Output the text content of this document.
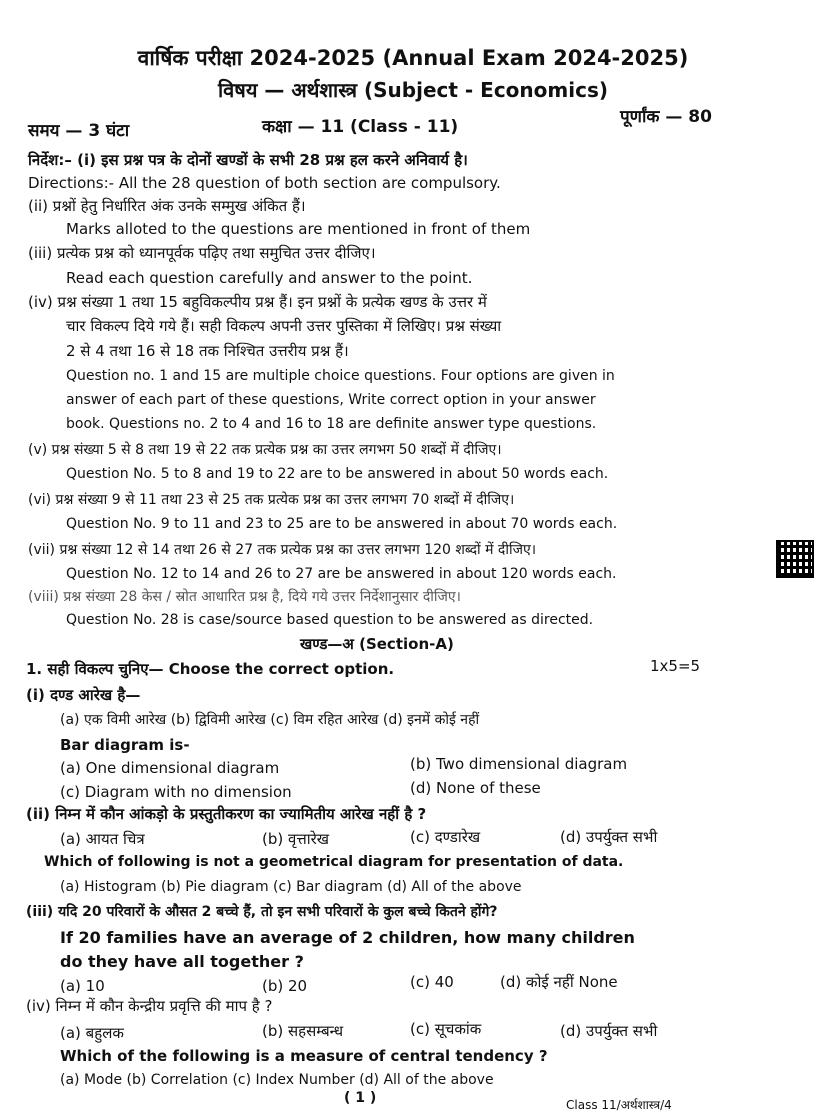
वार्षिक परीक्षा 2024-2025 (Annual Exam 2024-2025)
विषय — अर्थशास्त्र (Subject - Economics)
समय — 3 घंटा	कक्षा — 11 (Class - 11)	पूर्णांक — 80
निर्देश:– (i) इस प्रश्न पत्र के दोनों खण्डों के सभी 28 प्रश्न हल करने अनिवार्य है।
Directions:- All the 28 question of both section are compulsory.
(ii) प्रश्नों हेतु निर्धारित अंक उनके सम्मुख अंकित हैं।
Marks alloted to the questions are mentioned in front of them
(iii) प्रत्येक प्रश्न को ध्यानपूर्वक पढ़िए तथा समुचित उत्तर दीजिए।
Read each question carefully and answer to the point.
(iv) प्रश्न संख्या 1 तथा 15 बहुविकल्पीय प्रश्न हैं। इन प्रश्नों के प्रत्येक खण्ड के उत्तर में
चार विकल्प दिये गये हैं। सही विकल्प अपनी उत्तर पुस्तिका में लिखिए। प्रश्न संख्या
2 से 4 तथा 16 से 18 तक निश्चित उत्तरीय प्रश्न हैं।
Question no. 1 and 15 are multiple choice questions. Four options are given in
answer of each part of these questions, Write correct option in your answer
book. Questions no. 2 to 4 and 16 to 18 are definite answer type questions.
(v) प्रश्न संख्या 5 से 8 तथा 19 से 22 तक प्रत्येक प्रश्न का उत्तर लगभग 50 शब्दों में दीजिए।
Question No. 5 to 8 and 19 to 22 are to be answered in about 50 words each.
(vi) प्रश्न संख्या 9 से 11 तथा 23 से 25 तक प्रत्येक प्रश्न का उत्तर लगभग 70 शब्दों में दीजिए।
Question No. 9 to 11 and 23 to 25 are to be answered in about 70 words each.
(vii) प्रश्न संख्या 12 से 14 तथा 26 से 27 तक प्रत्येक प्रश्न का उत्तर लगभग 120 शब्दों में दीजिए।
Question No. 12 to 14 and 26 to 27 are be answered in about 120 words each.
(viii) प्रश्न संख्या 28 केस / स्रोत आधारित प्रश्न है, दिये गये उत्तर निर्देशानुसार दीजिए।
Question No. 28 is case/source based question to be answered as directed.
खण्ड—अ (Section-A)
1. सही विकल्प चुनिए— Choose the correct option.	1x5=5
(i) दण्ड आरेख है—
(a) एक विमी आरेख (b) द्विविमी आरेख (c) विम रहित आरेख (d) इनमें कोई नहीं
Bar diagram is-
(a) One dimensional diagram	(b) Two dimensional diagram
(c) Diagram with no dimension	(d) None of these
(ii) निम्न में कौन आंकड़ो के प्रस्तुतीकरण का ज्यामितीय आरेख नहीं है ?
(a) आयत चित्र	(b) वृत्तारेख	(c) दण्डारेख	(d) उपर्युक्त सभी
Which of following is not a geometrical diagram for presentation of data.
(a) Histogram (b) Pie diagram (c) Bar diagram (d) All of the above
(iii) यदि 20 परिवारों के औसत 2 बच्चे हैं, तो इन सभी परिवारों के कुल बच्चे कितने होंगे?
If 20 families have an average of 2 children, how many children
do they have all together ?
(a) 10	(b) 20	(c) 40	(d) कोई नहीं None
(iv) निम्न में कौन केन्द्रीय प्रवृत्ति की माप है ?
(a) बहुलक	(b) सहसम्बन्ध	(c) सूचकांक	(d) उपर्युक्त सभी
Which of the following is a measure of central tendency ?
(a) Mode (b) Correlation (c) Index Number (d) All of the above
( 1 )	Class 11/अर्थशास्त्र/4
